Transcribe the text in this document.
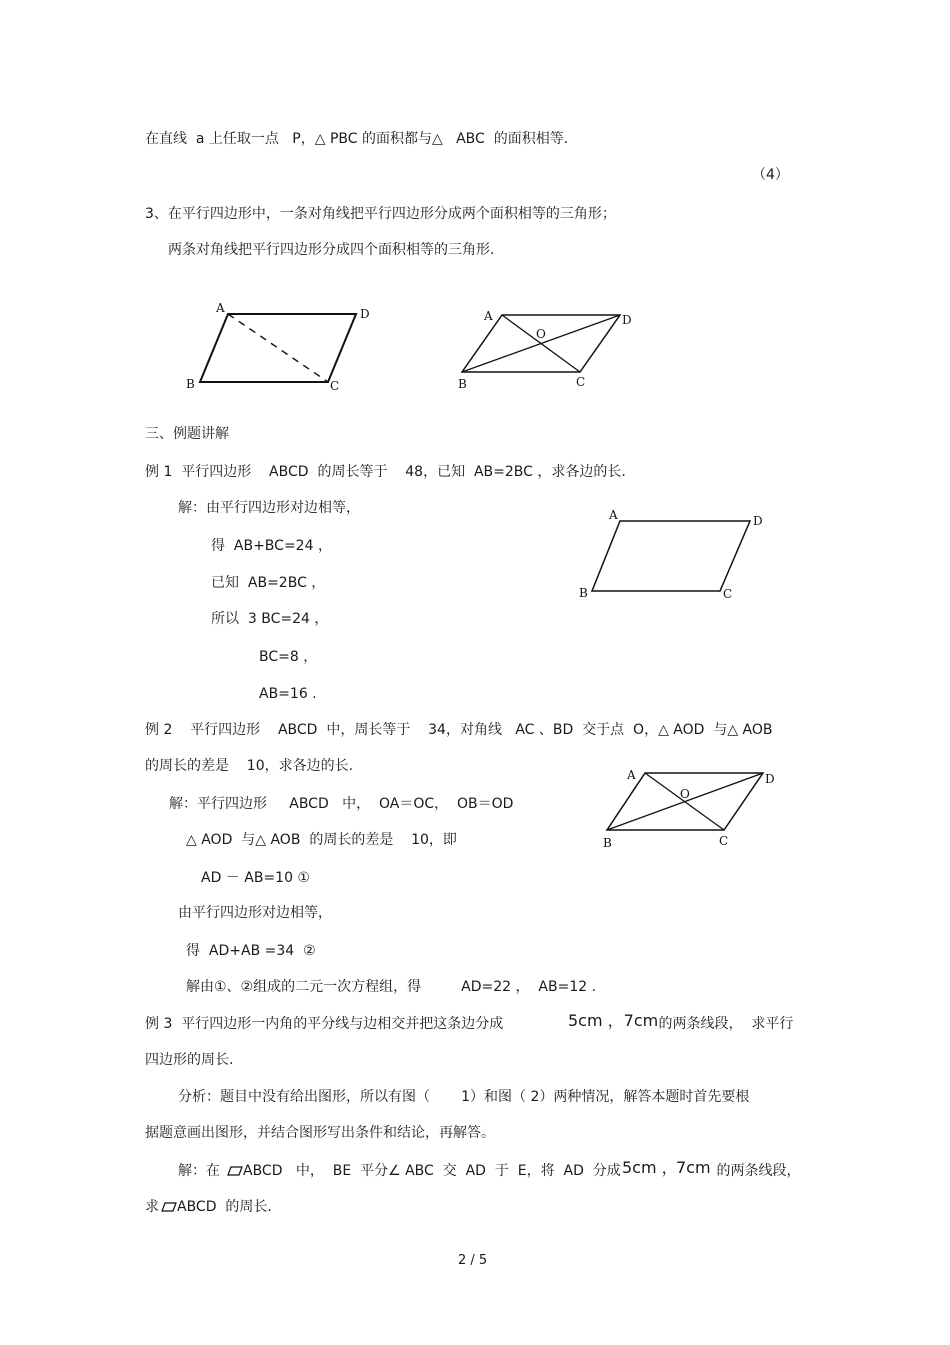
在直线  a 上任取一点   P，△ PBC 的面积都与△   ABC  的面积相等.
（4）
3、在平行四边形中，一条对角线把平行四边形分成两个面积相等的三角形；
两条对角线把平行四边形分成四个面积相等的三角形.
A	D
B	C
A
O
D
B	C
三、例题讲解
例 1  平行四边形    ABCD  的周长等于    48，已知  AB=2BC ，求各边的长.
解：由平行四边形对边相等，
得  AB+BC=24 ，
已知  AB=2BC ，
所以  3 BC=24 ，
BC=8 ，
AB=16 .
A	D
B	C
例 2    平行四边形    ABCD  中，周长等于    34，对角线   AC 、BD  交于点  O，△ AOD  与△ AOB
的周长的差是    10，求各边的长.
解：平行四边形     ABCD   中，  OA＝OC，  OB＝OD
△ AOD  与△ AOB  的周长的差是    10，即
AD － AB=10 ①
由平行四边形对边相等，
得  AD+AB =34  ②
解由①、②组成的二元一次方程组，得         AD=22 ，  AB=12 .
A
O
D
B	C
例 3  平行四边形一内角的平分线与边相交并把这条边分成	5cm ，7cm
的两条线段，  求平行
四边形的周长.
分析：题目中没有给出图形，所以有图（       1）和图（ 2）两种情况，解答本题时首先要根
据题意画出图形，并结合图形写出条件和结论，再解答。
解：在 ABCD   中，  BE  平分∠ ABC  交  AD  于  E，将  AD  分成 5cm ，
7cm 的两条线段，
求 ABCD  的周长.
2 / 5
